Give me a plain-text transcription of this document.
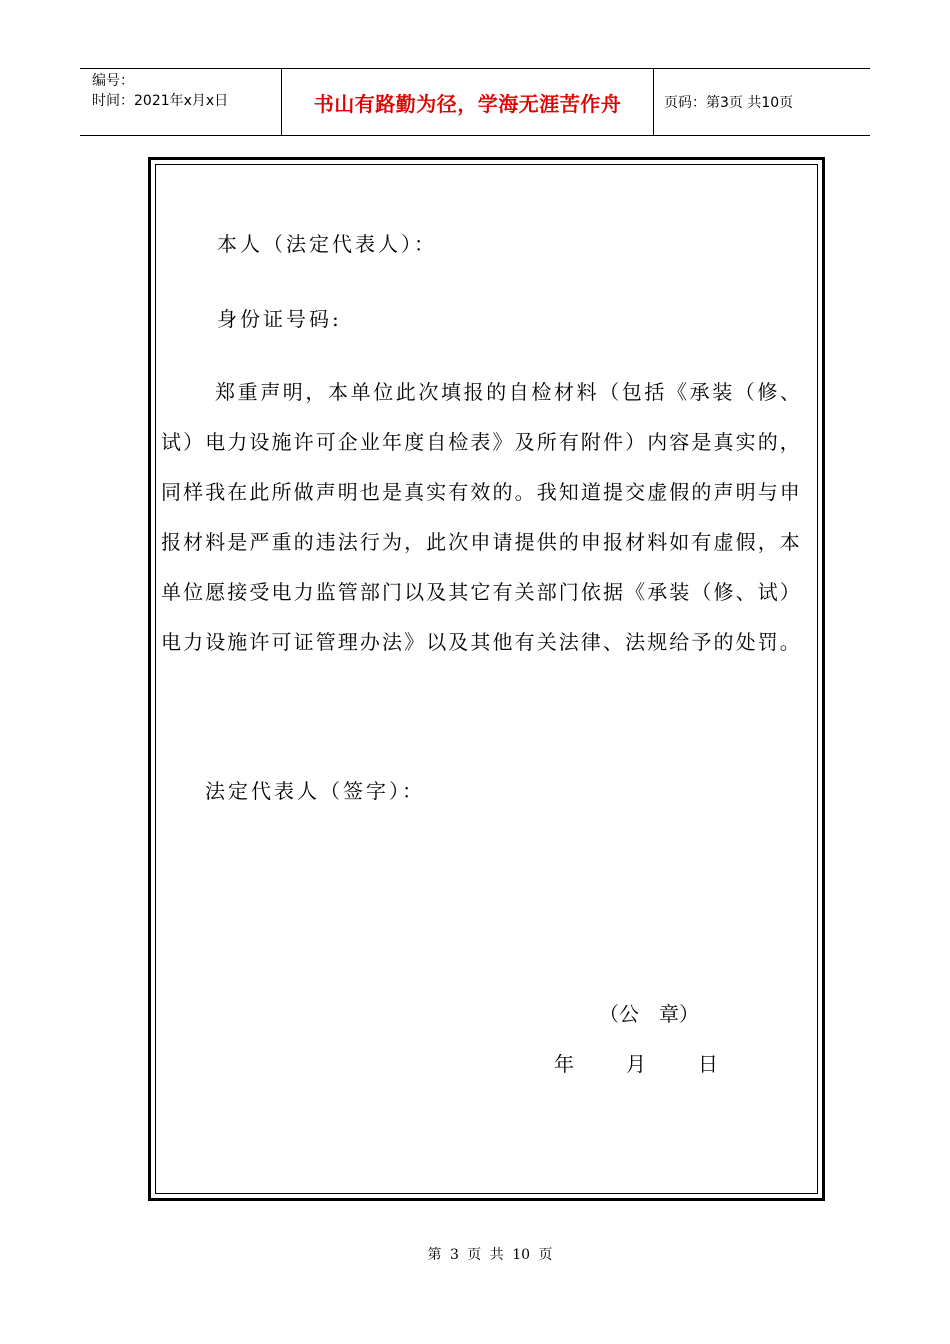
编号：
时间：2021年x月x日	书山有路勤为径，学海无涯苦作舟	页码：第3页 共10页
本人（法定代表人）：
身份证号码:
郑重声明，本单位此次填报的自检材料（包括《承装（修、
试）电力设施许可企业年度自检表》及所有附件）内容是真实的，
同样我在此所做声明也是真实有效的。我知道提交虚假的声明与申
报材料是严重的违法行为，此次申请提供的申报材料如有虚假，本
单位愿接受电力监管部门以及其它有关部门依据《承装（修、试）
电力设施许可证管理办法》以及其他有关法律、法规给予的处罚。
法定代表人（签字）：
（公　章）
年　　月　　日
第 3 页 共 10 页
